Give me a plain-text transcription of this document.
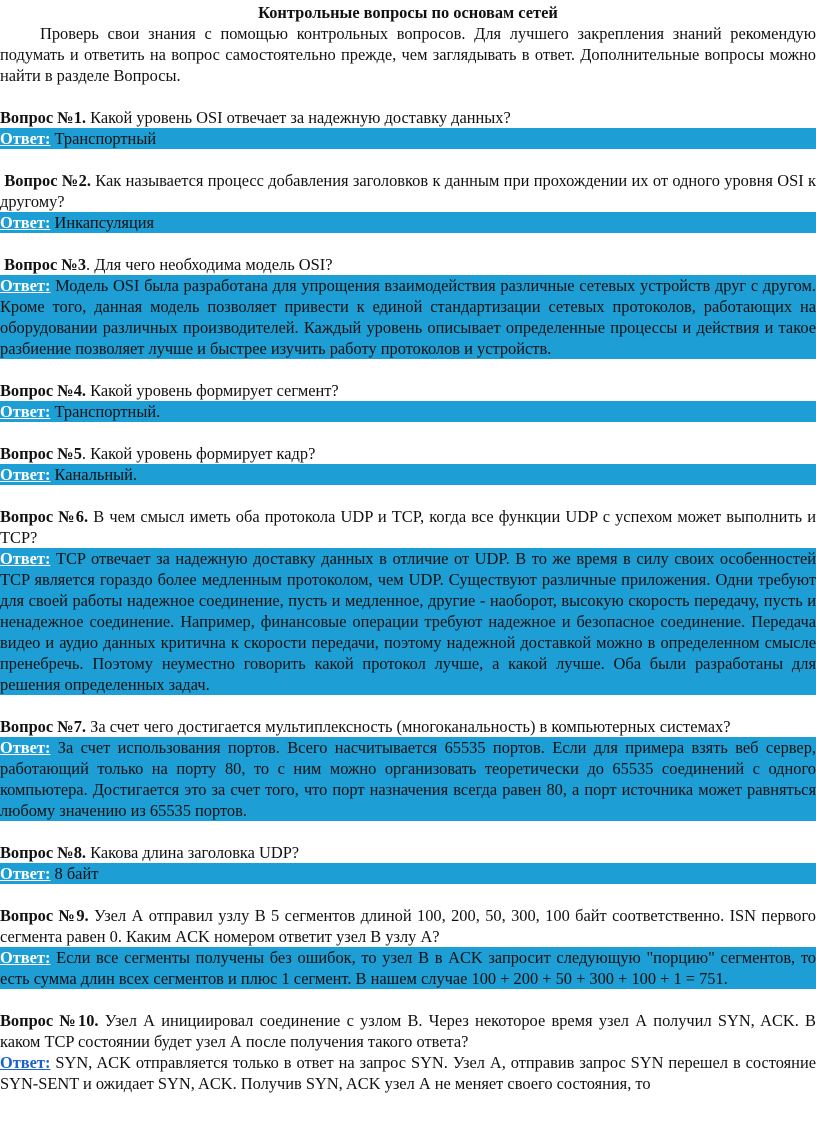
Контрольные вопросы по основам сетей

Проверь свои знания с помощью контрольных вопросов. Для лучшего закрепления знаний рекомендую подумать и ответить на вопрос самостоятельно прежде, чем заглядывать в ответ. Дополнительные вопросы можно найти в разделе Вопросы.

Вопрос №1. Какой уровень OSI отвечает за надежную доставку данных?
Ответ: Транспортный
Вопрос №2. Как называется процесс добавления заголовков к данным при прохождении их от одного уровня OSI к другому?
Ответ: Инкапсуляция
Вопрос №3. Для чего необходима модель OSI?
Ответ: Модель OSI была разработана для упрощения взаимодействия различные сетевых устройств друг с другом. Кроме того, данная модель позволяет привести к единой стандартизации сетевых протоколов, работающих на оборудовании различных производителей. Каждый уровень описывает определенные процессы и действия и такое разбиение позволяет лучше и быстрее изучить работу протоколов и устройств.
Вопрос №4. Какой уровень формирует сегмент?
Ответ: Транспортный.
Вопрос №5. Какой уровень формирует кадр?
Ответ: Канальный.
Вопрос №6. В чем смысл иметь оба протокола UDP и TCP, когда все функции UDP с успехом может выполнить и TCP?
Ответ: TCP отвечает за надежную доставку данных в отличие от UDP. В то же время в силу своих особенностей TCP является гораздо более медленным протоколом, чем UDP. Существуют различные приложения. Одни требуют для своей работы надежное соединение, пусть и медленное, другие - наоборот, высокую скорость передачу, пусть и ненадежное соединение. Например, финансовые операции требуют надежное и безопасное соединение. Передача видео и аудио данных критична к скорости передачи, поэтому надежной доставкой можно в определенном смысле пренебречь. Поэтому неуместно говорить какой протокол лучше, а какой лучше. Оба были разработаны для решения определенных задач.
Вопрос №7. За счет чего достигается мультиплексность (многоканальность) в компьютерных системах?
Ответ: За счет использования портов. Всего насчитывается 65535 портов. Если для примера взять веб сервер, работающий только на порту 80, то с ним можно организовать теоретически до 65535 соединений с одного компьютера. Достигается это за счет того, что порт назначения всегда равен 80, а порт источника может равняться любому значению из 65535 портов.
Вопрос №8. Какова длина заголовка UDP?
Ответ: 8 байт
Вопрос №9. Узел А отправил узлу В 5 сегментов длиной 100, 200, 50, 300, 100 байт соответственно. ISN первого сегмента равен 0. Каким ACK номером ответит узел В узлу А?
Ответ: Если все сегменты получены без ошибок, то узел В в ACK запросит следующую "порцию" сегментов, то есть сумма длин всех сегментов и плюс 1 сегмент. В нашем случае 100 + 200 + 50 + 300 + 100 + 1 = 751.
Вопрос №10. Узел А инициировал соединение с узлом В. Через некоторое время узел А получил SYN, ACK. В каком TCP состоянии будет узел А после получения такого ответа?
Ответ: SYN, ACK отправляется только в ответ на запрос SYN. Узел А, отправив запрос SYN перешел в состояние SYN-SENT и ожидает SYN, ACK. Получив SYN, ACK узел А не меняет своего состояния, то
